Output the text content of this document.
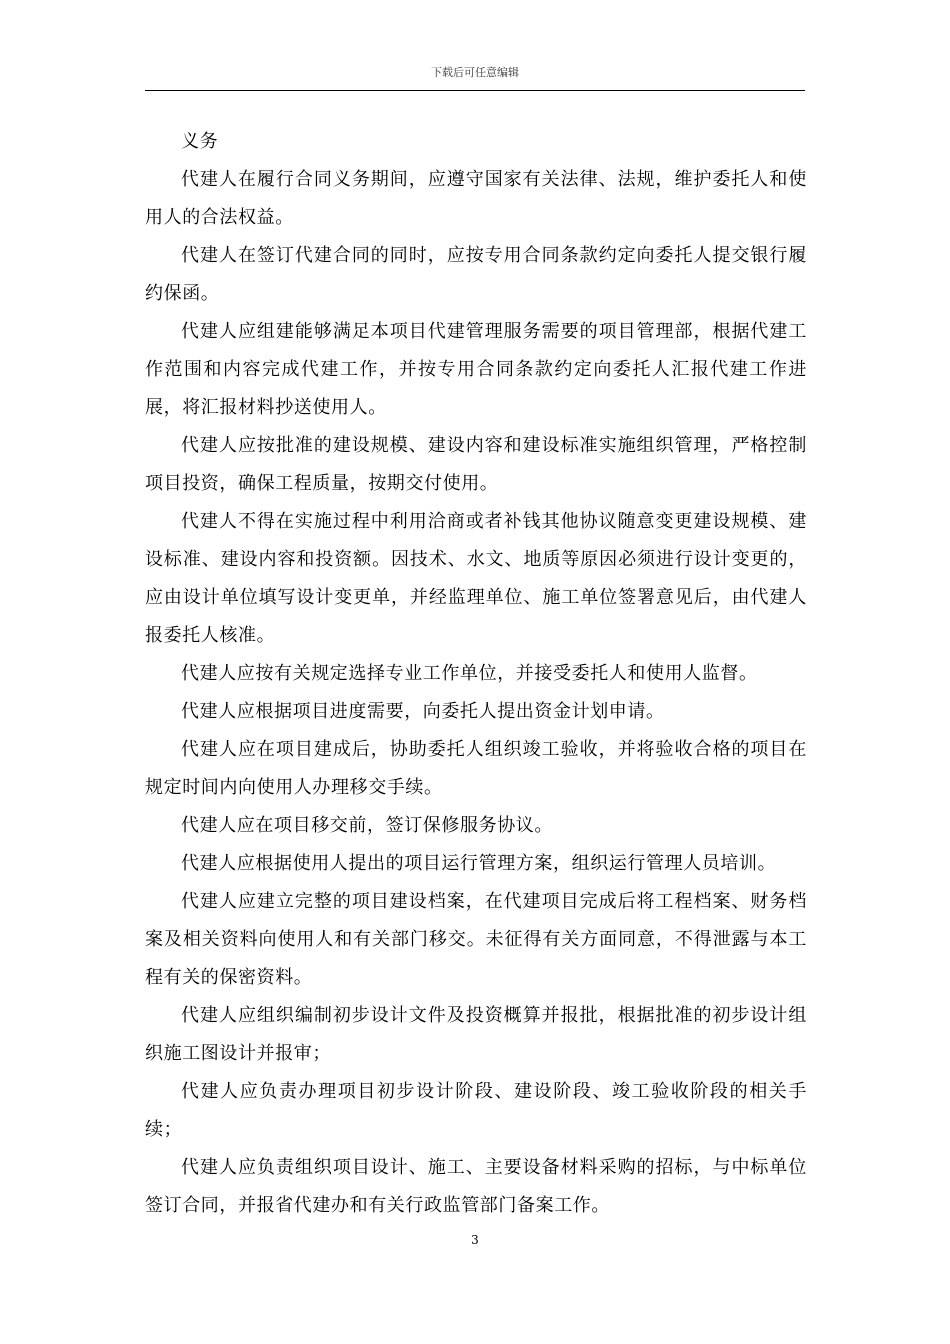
下载后可任意编辑

义务

代建人在履行合同义务期间，应遵守国家有关法律、法规，维护委托人和使用人的合法权益。

代建人在签订代建合同的同时，应按专用合同条款约定向委托人提交银行履约保函。

代建人应组建能够满足本项目代建管理服务需要的项目管理部，根据代建工作范围和内容完成代建工作，并按专用合同条款约定向委托人汇报代建工作进展，将汇报材料抄送使用人。

代建人应按批准的建设规模、建设内容和建设标准实施组织管理，严格控制项目投资，确保工程质量，按期交付使用。

代建人不得在实施过程中利用洽商或者补钱其他协议随意变更建设规模、建设标准、建设内容和投资额。因技术、水文、地质等原因必须进行设计变更的，应由设计单位填写设计变更单，并经监理单位、施工单位签署意见后，由代建人报委托人核准。

代建人应按有关规定选择专业工作单位，并接受委托人和使用人监督。

代建人应根据项目进度需要，向委托人提出资金计划申请。

代建人应在项目建成后，协助委托人组织竣工验收，并将验收合格的项目在规定时间内向使用人办理移交手续。

代建人应在项目移交前，签订保修服务协议。

代建人应根据使用人提出的项目运行管理方案，组织运行管理人员培训。

代建人应建立完整的项目建设档案，在代建项目完成后将工程档案、财务档案及相关资料向使用人和有关部门移交。未征得有关方面同意，不得泄露与本工程有关的保密资料。

代建人应组织编制初步设计文件及投资概算并报批，根据批准的初步设计组织施工图设计并报审；

代建人应负责办理项目初步设计阶段、建设阶段、竣工验收阶段的相关手续；

代建人应负责组织项目设计、施工、主要设备材料采购的招标，与中标单位签订合同，并报省代建办和有关行政监管部门备案工作。

3
